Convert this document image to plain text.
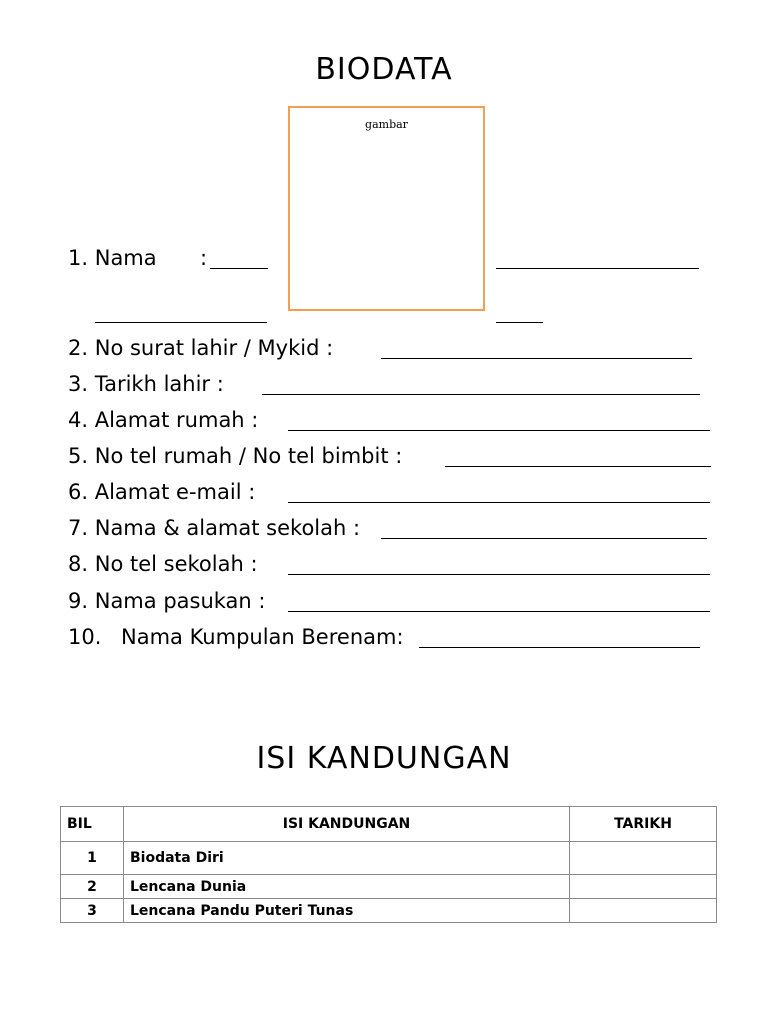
BIODATA
gambar
1. Nama :
2. No surat lahir / Mykid :
3. Tarikh lahir :
4. Alamat rumah :
5. No tel rumah / No tel bimbit :
6. Alamat e-mail :
7. Nama & alamat sekolah :
8. No tel sekolah :
9. Nama pasukan :
10. Nama Kumpulan Berenam:
ISI KANDUNGAN
BIL	ISI KANDUNGAN	TARIKH
1	Biodata Diri	
2	Lencana Dunia	
3	Lencana Pandu Puteri Tunas	
